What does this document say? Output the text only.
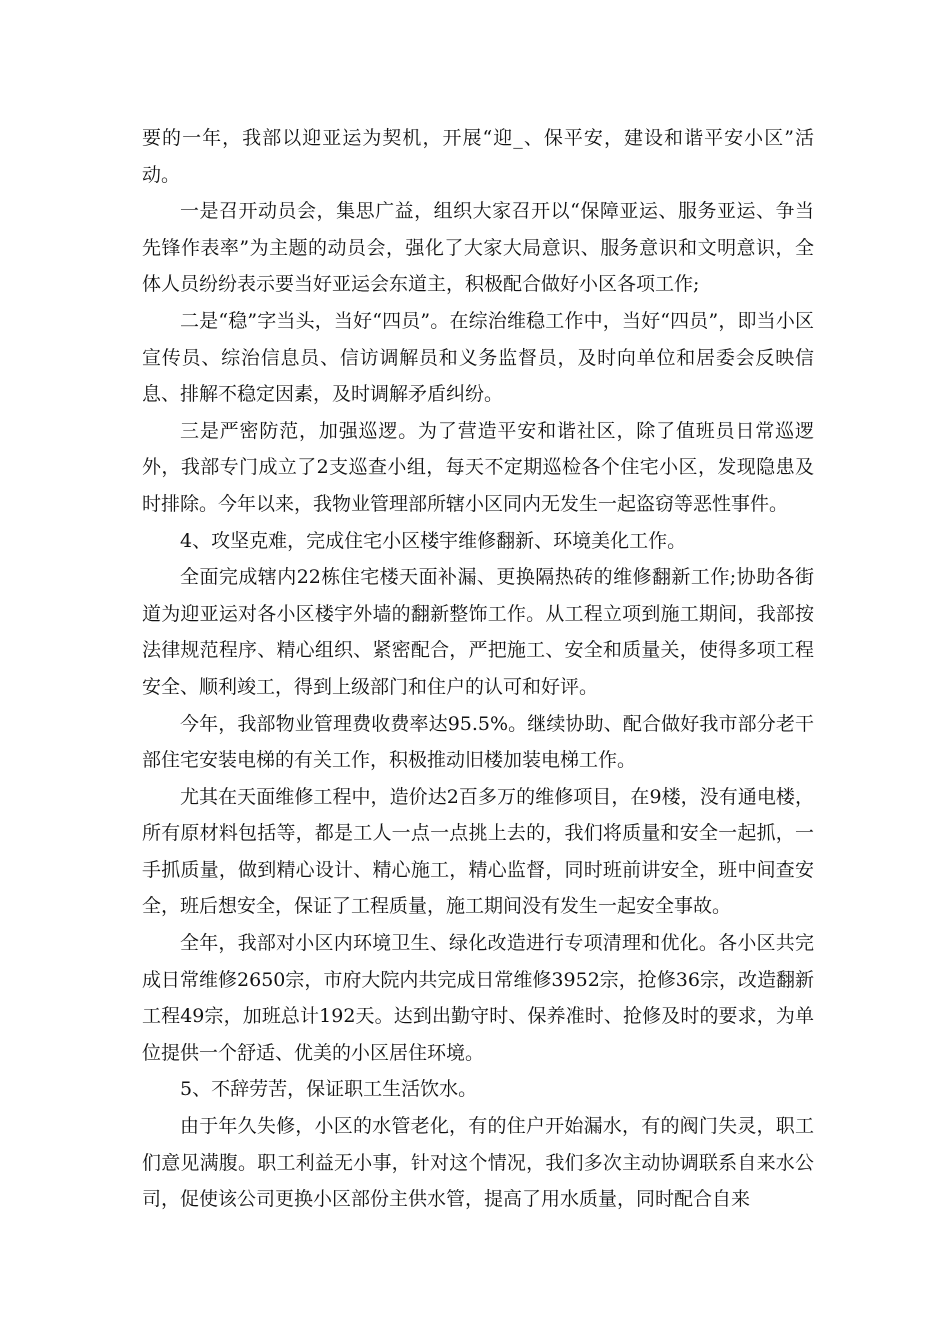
要的一年，我部以迎亚运为契机，开展“迎_、保平安，建设和谐平安小区”活动。

一是召开动员会，集思广益，组织大家召开以“保障亚运、服务亚运、争当先锋作表率”为主题的动员会，强化了大家大局意识、服务意识和文明意识，全体人员纷纷表示要当好亚运会东道主，积极配合做好小区各项工作;

二是“稳”字当头，当好“四员”。在综治维稳工作中，当好“四员”，即当小区宣传员、综治信息员、信访调解员和义务监督员，及时向单位和居委会反映信息、排解不稳定因素，及时调解矛盾纠纷。

三是严密防范，加强巡逻。为了营造平安和谐社区，除了值班员日常巡逻外，我部专门成立了2支巡查小组，每天不定期巡检各个住宅小区，发现隐患及时排除。今年以来，我物业管理部所辖小区同内无发生一起盗窃等恶性事件。

4、攻坚克难，完成住宅小区楼宇维修翻新、环境美化工作。

全面完成辖内22栋住宅楼天面补漏、更换隔热砖的维修翻新工作;协助各街道为迎亚运对各小区楼宇外墙的翻新整饰工作。从工程立项到施工期间，我部按法律规范程序、精心组织、紧密配合，严把施工、安全和质量关，使得多项工程安全、顺利竣工，得到上级部门和住户的认可和好评。

今年，我部物业管理费收费率达95.5%。继续协助、配合做好我市部分老干部住宅安装电梯的有关工作，积极推动旧楼加装电梯工作。

尤其在天面维修工程中，造价达2百多万的维修项目，在9楼，没有通电楼，所有原材料包括等，都是工人一点一点挑上去的，我们将质量和安全一起抓，一手抓质量，做到精心设计、精心施工，精心监督，同时班前讲安全，班中间查安全，班后想安全，保证了工程质量，施工期间没有发生一起安全事故。

全年，我部对小区内环境卫生、绿化改造进行专项清理和优化。各小区共完成日常维修2650宗，市府大院内共完成日常维修3952宗，抢修36宗，改造翻新工程49宗，加班总计192天。达到出勤守时、保养准时、抢修及时的要求，为单位提供一个舒适、优美的小区居住环境。

5、不辞劳苦，保证职工生活饮水。

由于年久失修，小区的水管老化，有的住户开始漏水，有的阀门失灵，职工们意见满腹。职工利益无小事，针对这个情况，我们多次主动协调联系自来水公司，促使该公司更换小区部份主供水管，提高了用水质量，同时配合自来
